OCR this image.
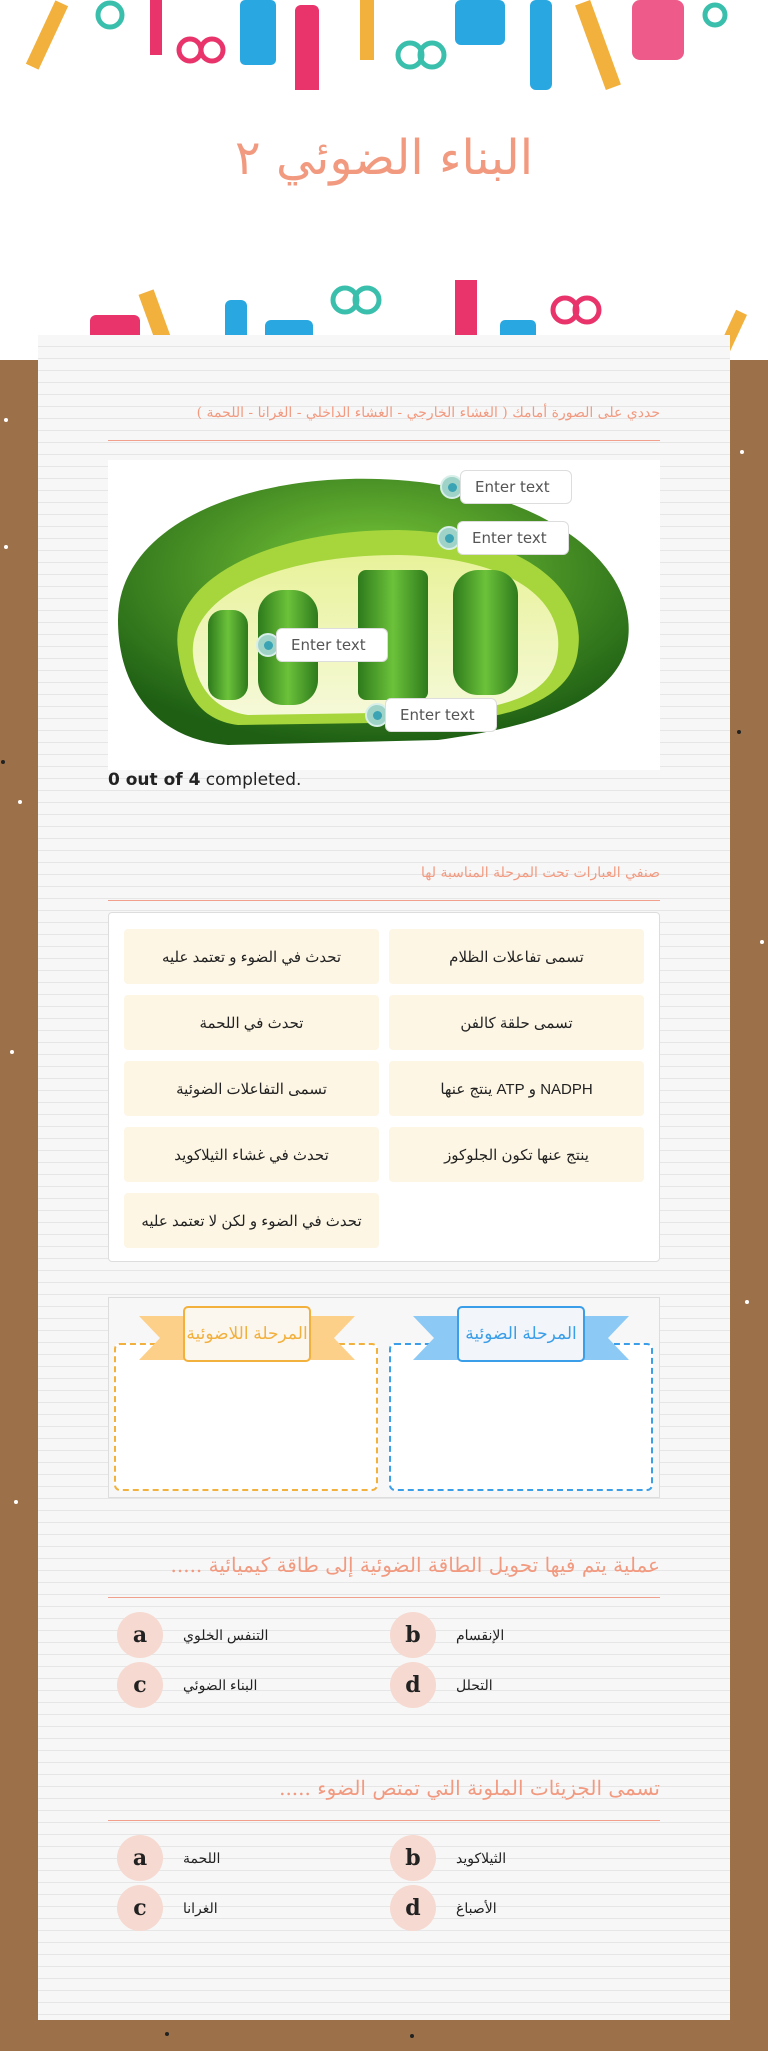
البناء الضوئي ٢
حددي على الصورة أمامك ( الغشاء الخارجي - الغشاء الداخلي - الغرانا - اللحمة )
Enter text
Enter text
Enter text
Enter text
0 out of 4 completed.
صنفي العبارات تحت المرحلة المناسبة لها
تسمى تفاعلات الظلام
تحدث في الضوء و تعتمد عليه
تسمى حلقة كالفن
تحدث في اللحمة
NADPH و ATP ينتج عنها
تسمى التفاعلات الضوئية
ينتج عنها تكون الجلوكوز
تحدث في غشاء الثيلاكويد
تحدث في الضوء و لكن لا تعتمد عليه
المرحلة الضوئية
المرحلة اللاضوئية
عملية يتم فيها تحويل الطاقة الضوئية إلى طاقة كيميائية .....
a	التنفس الخلوي	b	الإنقسام
c	البناء الضوئي	d	التحلل
تسمى الجزيئات الملونة التي تمتص الضوء .....
a	اللحمة	b	الثيلاكويد
c	الغرانا	d	الأصباغ
